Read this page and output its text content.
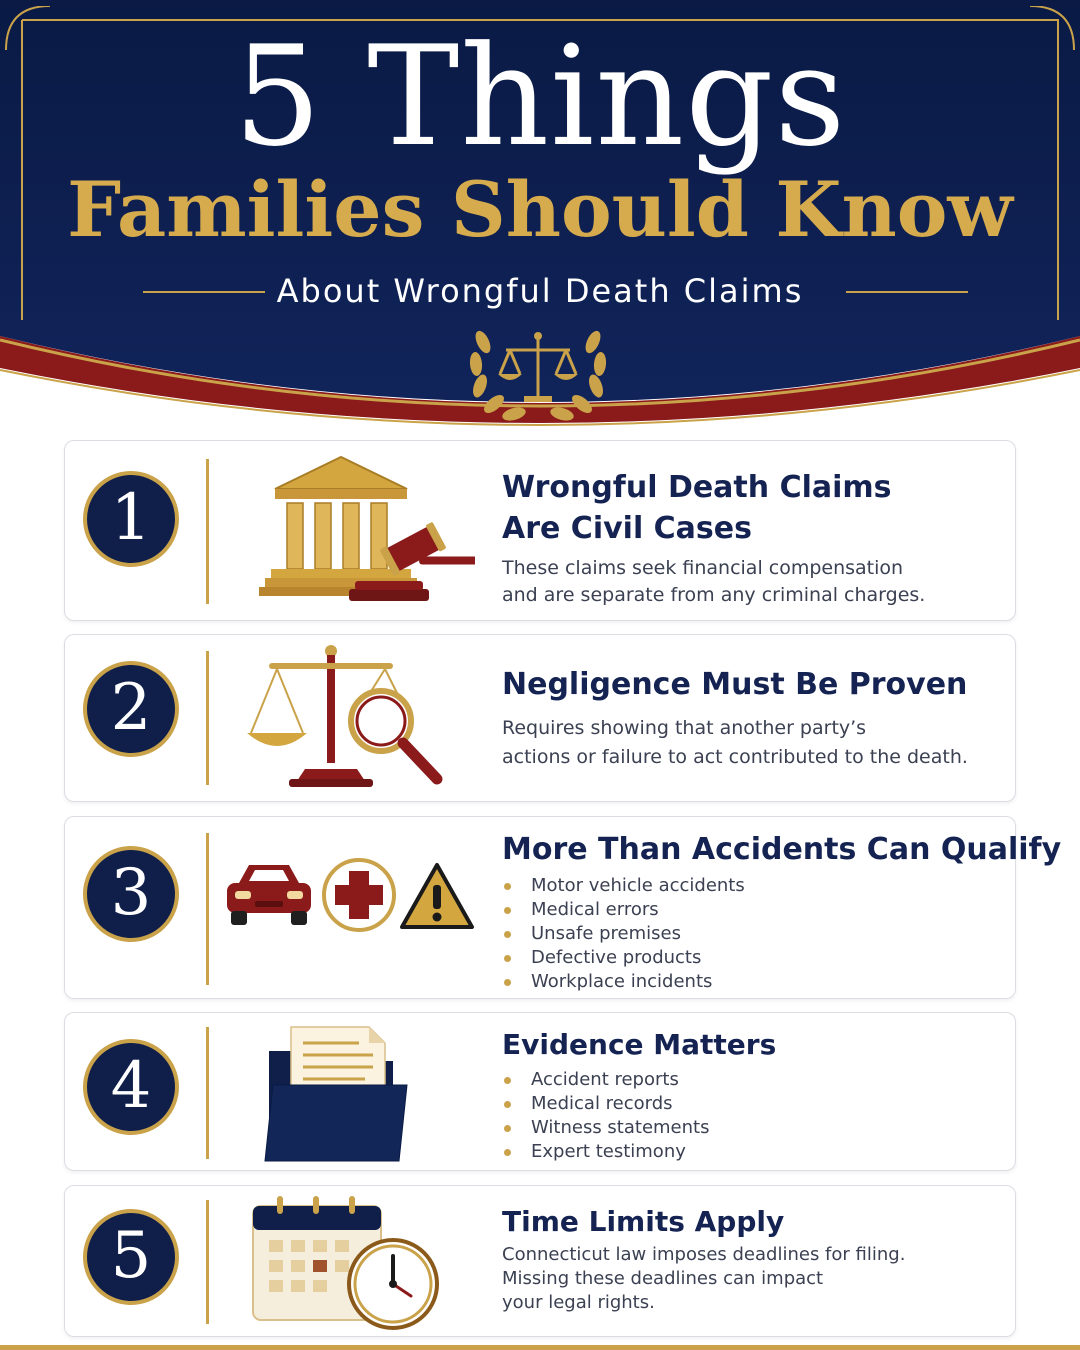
5 Things
Families Should Know
About Wrongful Death Claims
1	Wrongful Death Claims
Are Civil Cases
These claims seek financial compensation
and are separate from any criminal charges.
2	Negligence Must Be Proven
Requires showing that another party’s
actions or failure to act contributed to the death.
3
More Than Accidents Can Qualify
Motor vehicle accidents
Medical errors
Unsafe premises
Defective products
Workplace incidents
4
Evidence Matters
Accident reports
Medical records
Witness statements
Expert testimony
5	Time Limits Apply
Connecticut law imposes deadlines for filing.
Missing these deadlines can impact
your legal rights.
